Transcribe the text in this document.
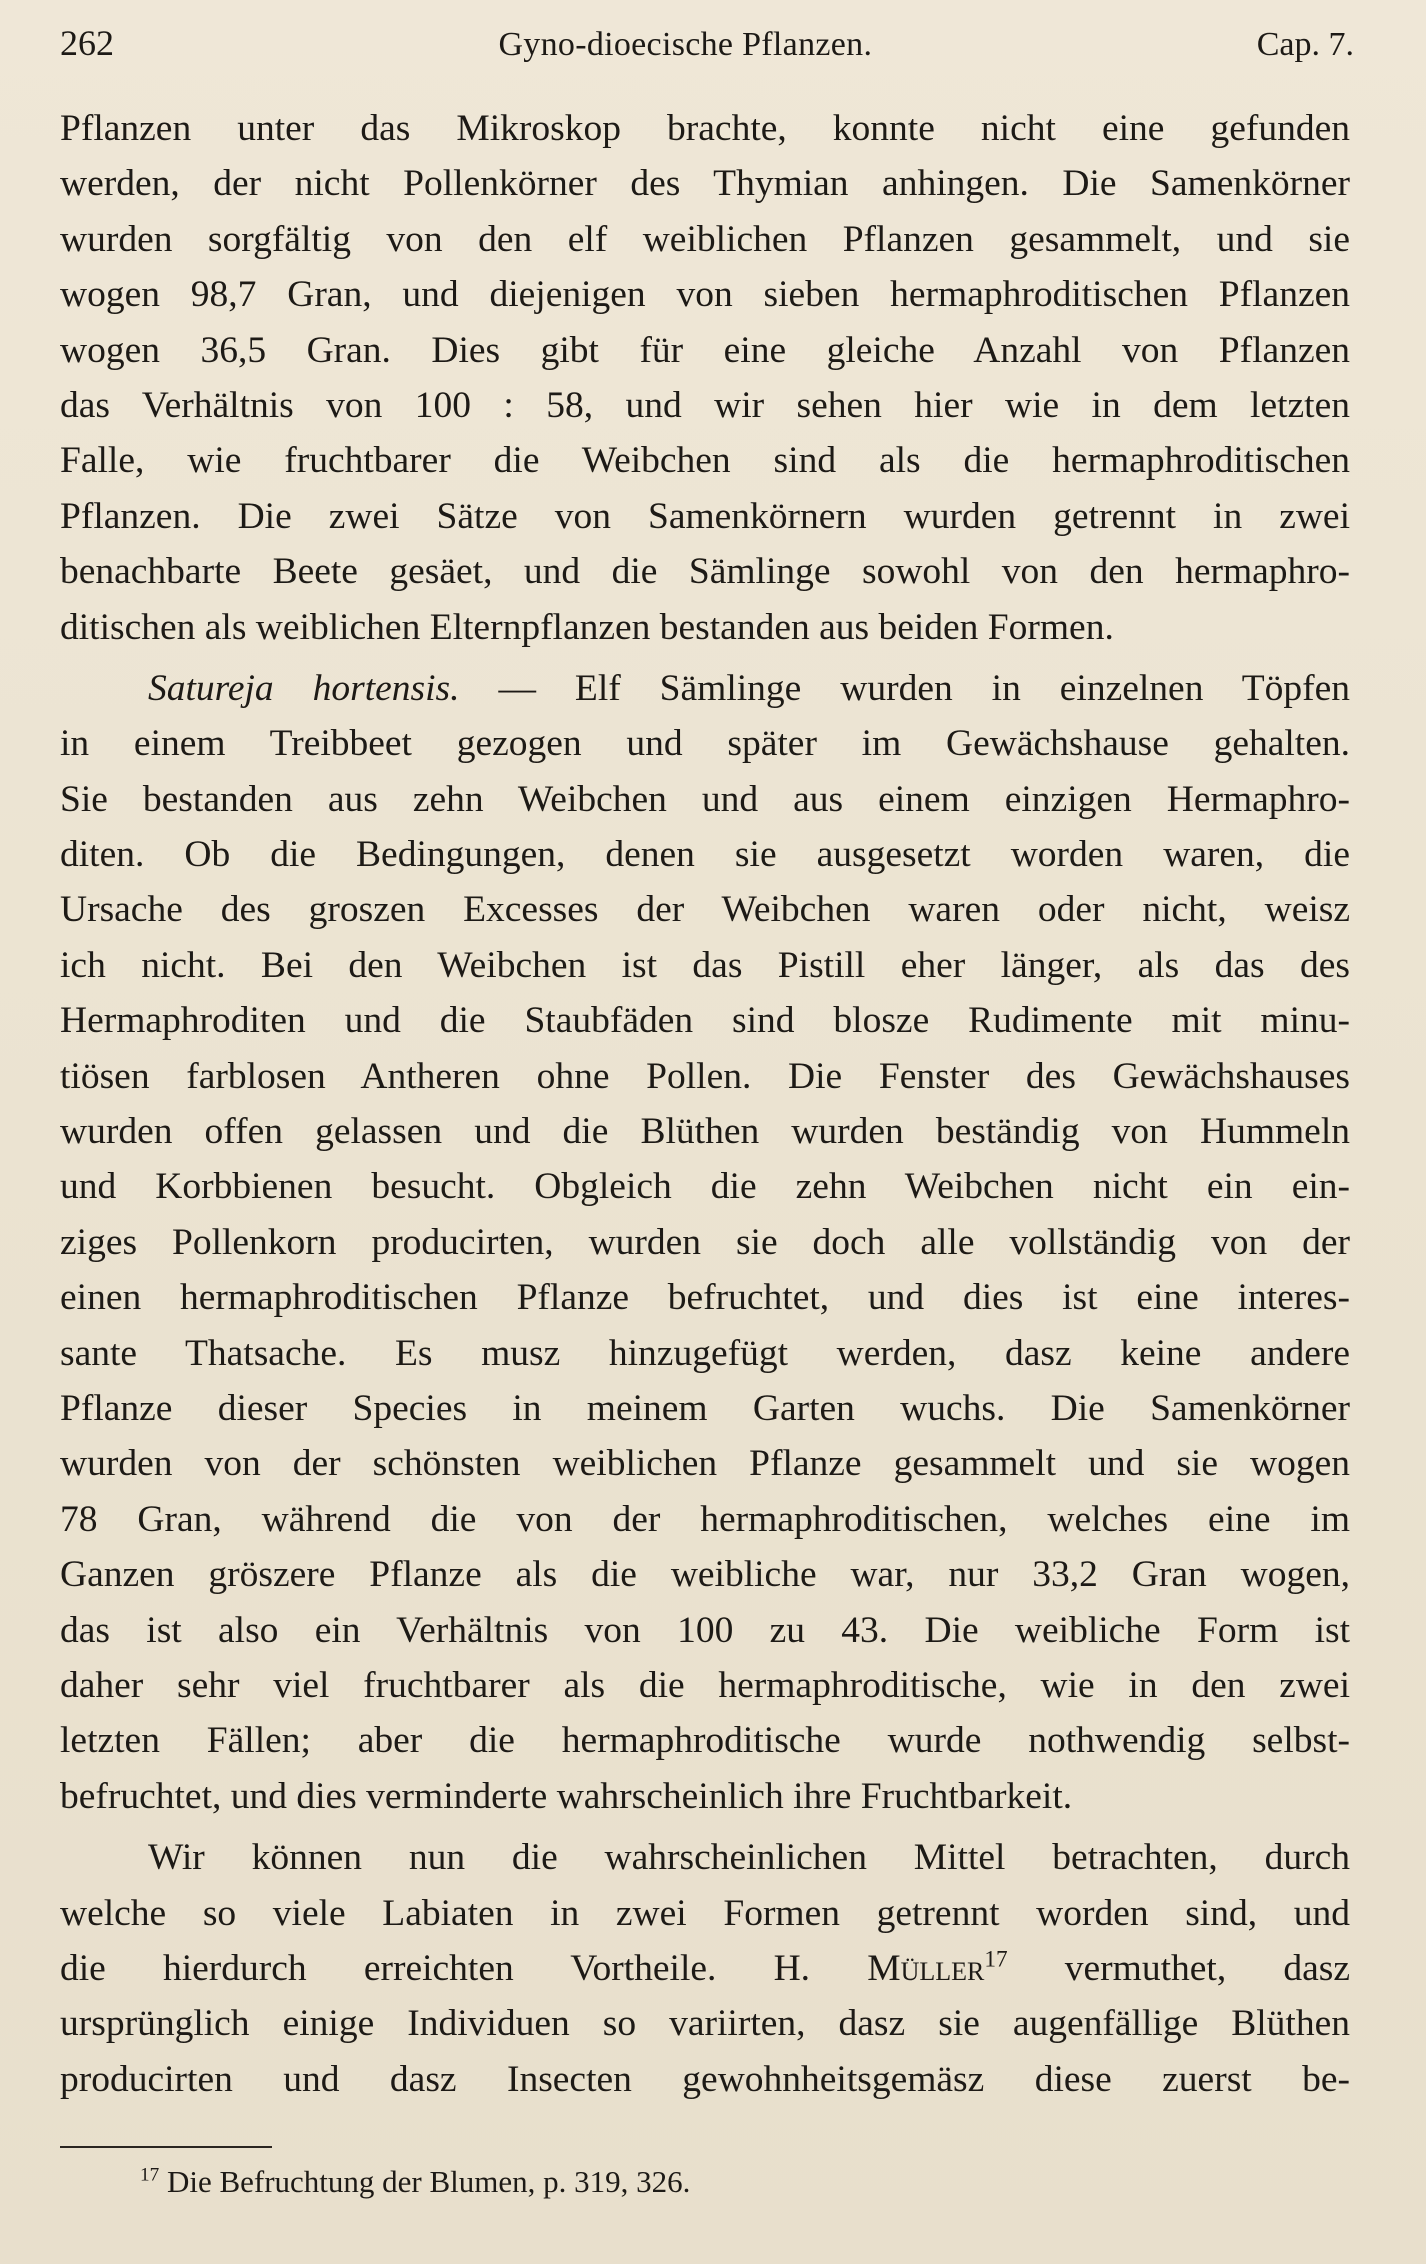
262	Gyno-dioecische Pflanzen.	Cap. 7.
Pflanzen unter das Mikroskop brachte, konnte nicht eine gefunden
werden, der nicht Pollenkörner des Thymian anhingen. Die Samenkörner
wurden sorgfältig von den elf weiblichen Pflanzen gesammelt, und sie
wogen 98,7 Gran, und diejenigen von sieben hermaphroditischen Pflanzen
wogen 36,5 Gran. Dies gibt für eine gleiche Anzahl von Pflanzen
das Verhältnis von 100 : 58, und wir sehen hier wie in dem letzten
Falle, wie fruchtbarer die Weibchen sind als die hermaphroditischen
Pflanzen. Die zwei Sätze von Samenkörnern wurden getrennt in zwei
benachbarte Beete gesäet, und die Sämlinge sowohl von den hermaphro-
ditischen als weiblichen Elternpflanzen bestanden aus beiden Formen.
Satureja hortensis. — Elf Sämlinge wurden in einzelnen Töpfen
in einem Treibbeet gezogen und später im Gewächshause gehalten.
Sie bestanden aus zehn Weibchen und aus einem einzigen Hermaphro-
diten. Ob die Bedingungen, denen sie ausgesetzt worden waren, die
Ursache des groszen Excesses der Weibchen waren oder nicht, weisz
ich nicht. Bei den Weibchen ist das Pistill eher länger, als das des
Hermaphroditen und die Staubfäden sind blosze Rudimente mit minu-
tiösen farblosen Antheren ohne Pollen. Die Fenster des Gewächshauses
wurden offen gelassen und die Blüthen wurden beständig von Hummeln
und Korbbienen besucht. Obgleich die zehn Weibchen nicht ein ein-
ziges Pollenkorn producirten, wurden sie doch alle vollständig von der
einen hermaphroditischen Pflanze befruchtet, und dies ist eine interes-
sante Thatsache. Es musz hinzugefügt werden, dasz keine andere
Pflanze dieser Species in meinem Garten wuchs. Die Samenkörner
wurden von der schönsten weiblichen Pflanze gesammelt und sie wogen
78 Gran, während die von der hermaphroditischen, welches eine im
Ganzen gröszere Pflanze als die weibliche war, nur 33,2 Gran wogen,
das ist also ein Verhältnis von 100 zu 43. Die weibliche Form ist
daher sehr viel fruchtbarer als die hermaphroditische, wie in den zwei
letzten Fällen; aber die hermaphroditische wurde nothwendig selbst-
befruchtet, und dies verminderte wahrscheinlich ihre Fruchtbarkeit.
Wir können nun die wahrscheinlichen Mittel betrachten, durch
welche so viele Labiaten in zwei Formen getrennt worden sind, und
die hierdurch erreichten Vortheile. H. Müller$^{17}$ vermuthet, dasz
ursprünglich einige Individuen so variirten, dasz sie augenfällige Blüthen
producirten und dasz Insecten gewohnheitsgemäsz diese zuerst be-
$^{17}$ Die Befruchtung der Blumen, p. 319, 326.
